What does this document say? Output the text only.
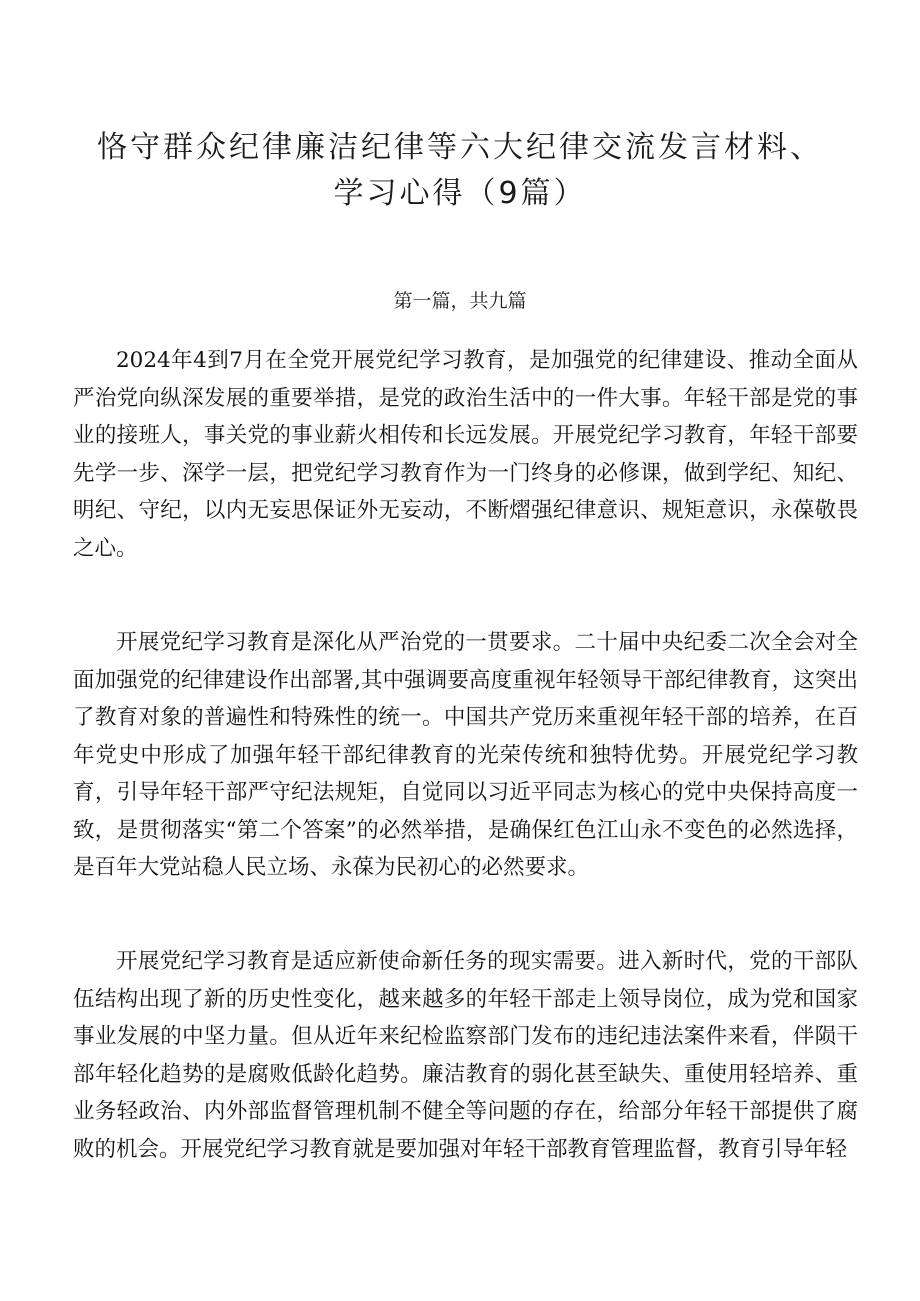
恪守群众纪律廉洁纪律等六大纪律交流发言材料、
学习心得（9篇）
第一篇，共九篇

2024年4到7月在全党开展党纪学习教育，是加强党的纪律建设、推动全面从严治党向纵深发展的重要举措，是党的政治生活中的一件大事。年轻干部是党的事业的接班人，事关党的事业薪火相传和长远发展。开展党纪学习教育，年轻干部要先学一步、深学一层，把党纪学习教育作为一门终身的必修课，做到学纪、知纪、明纪、守纪，以内无妄思保证外无妄动，不断熠强纪律意识、规矩意识，永葆敬畏之心。

开展党纪学习教育是深化从严治党的一贯要求。二十届中央纪委二次全会对全面加强党的纪律建设作出部署,其中强调要高度重视年轻领导干部纪律教育，这突出了教育对象的普遍性和特殊性的统一。中国共产党历来重视年轻干部的培养，在百年党史中形成了加强年轻干部纪律教育的光荣传统和独特优势。开展党纪学习教育，引导年轻干部严守纪法规矩，自觉同以习近平同志为核心的党中央保持高度一致，是贯彻落实“第二个答案”的必然举措，是确保红色江山永不变色的必然选择，是百年大党站稳人民立场、永葆为民初心的必然要求。

开展党纪学习教育是适应新使命新任务的现实需要。进入新时代，党的干部队伍结构出现了新的历史性变化，越来越多的年轻干部走上领导岗位，成为党和国家事业发展的中坚力量。但从近年来纪检监察部门发布的违纪违法案件来看，伴陨干部年轻化趋势的是腐败低龄化趋势。廉洁教育的弱化甚至缺失、重使用轻培养、重业务轻政治、内外部监督管理机制不健全等问题的存在，给部分年轻干部提供了腐败的机会。开展党纪学习教育就是要加强对年轻干部教育管理监督，教育引导年轻
